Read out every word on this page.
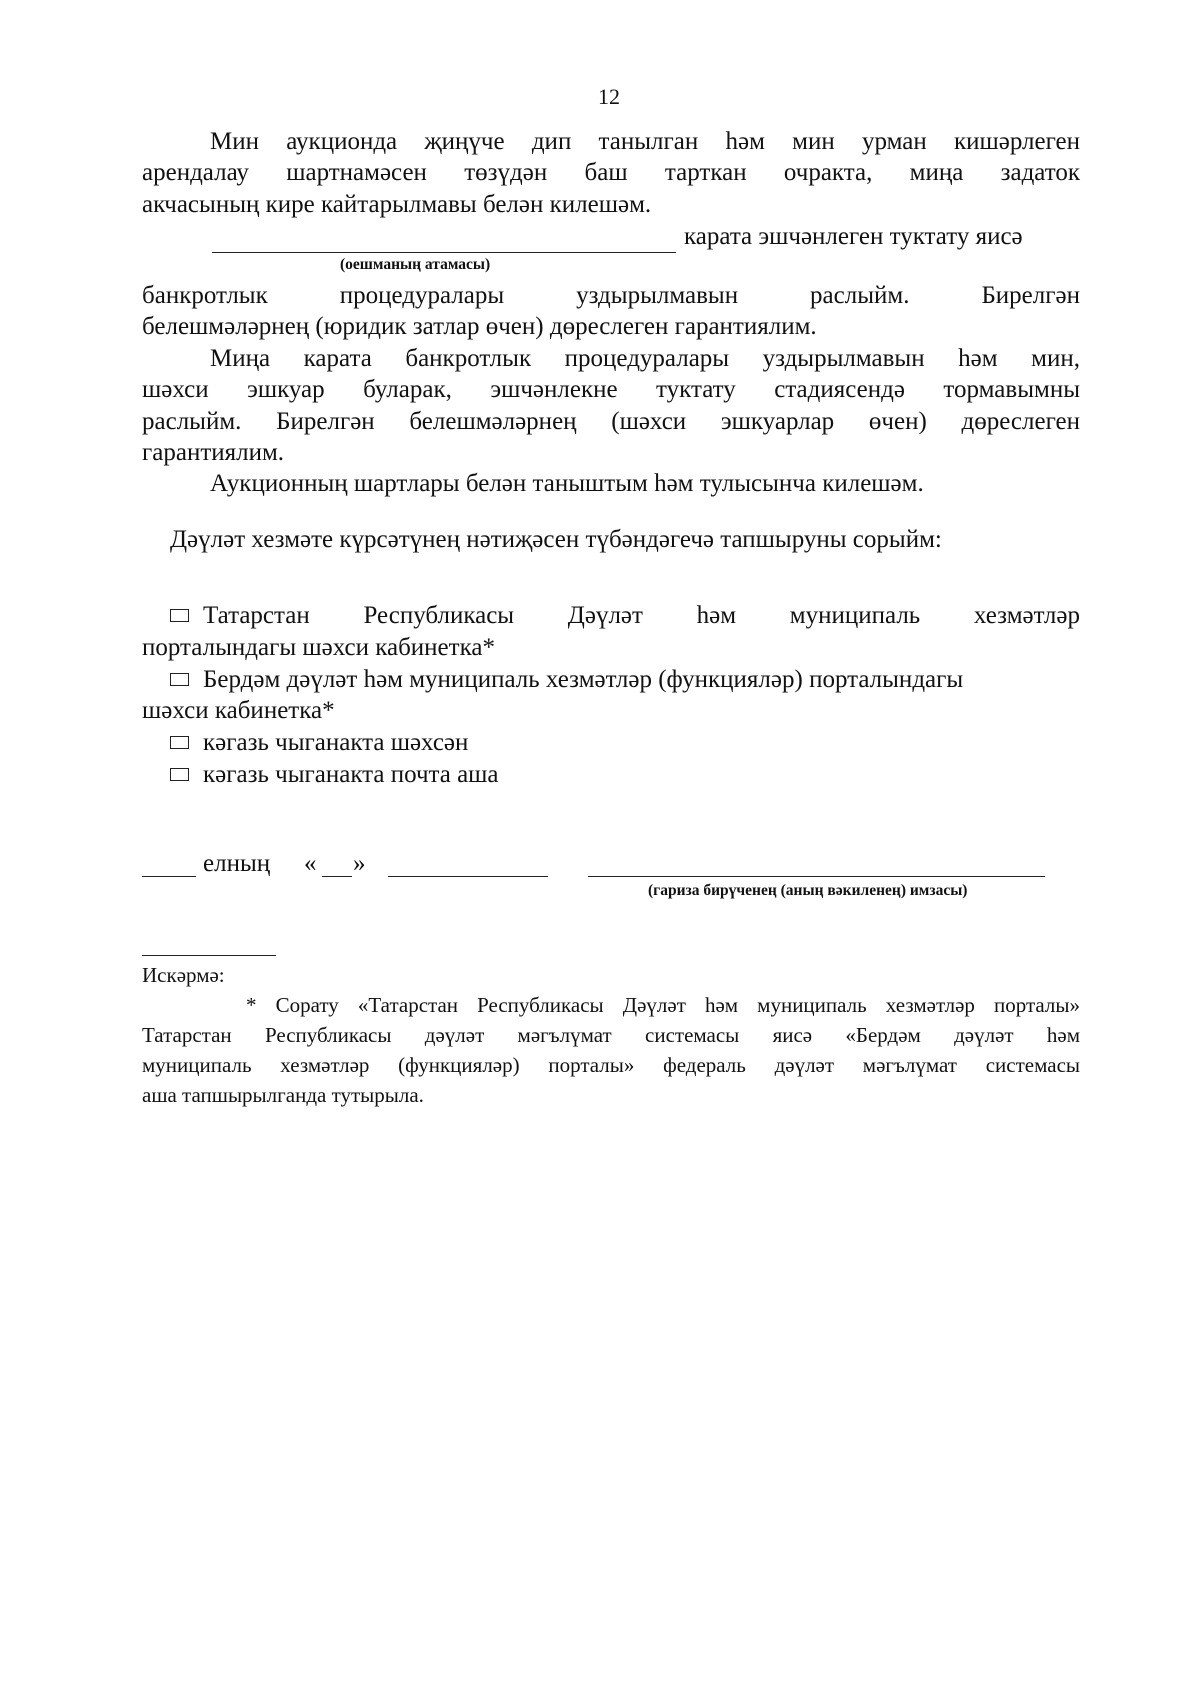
12
Мин аукционда җиңүче дип танылган һәм мин урман кишәрлеген
арендалау шартнамәсен төзүдән баш тарткан очракта, миңа задаток
акчасының кире кайтарылмавы белән килешәм.
карата эшчәнлеген туктату яисә
(оешманың атамасы)
банкротлык процедуралары уздырылмавын раслыйм. Бирелгән
белешмәләрнең (юридик затлар өчен) дөреслеген гарантиялим.
Миңа карата банкротлык процедуралары уздырылмавын һәм мин,
шәхси эшкуар буларак, эшчәнлекне туктату стадиясендә тормавымны
раслыйм. Бирелгән белешмәләрнең (шәхси эшкуарлар өчен) дөреслеген
гарантиялим.
Аукционның шартлары белән таныштым һәм тулысынча килешәм.
Дәүләт хезмәте күрсәтүнең нәтиҗәсен түбәндәгечә тапшыруны сорыйм:
Татарстан Республикасы Дәүләт һәм муниципаль хезмәтләр
порталындагы шәхси кабинетка*
Бердәм дәүләт һәм муниципаль хезмәтләр (функцияләр) порталындагы
шәхси кабинетка*
кәгазь чыганакта шәхсән
кәгазь чыганакта почта аша
елның « »
(гариза бирүченең (аның вәкиленең) имзасы)
Искәрмә:
* Сорату «Татарстан Республикасы Дәүләт һәм муниципаль хезмәтләр порталы»
Татарстан Республикасы дәүләт мәгълүмат системасы яисә «Бердәм дәүләт һәм
муниципаль хезмәтләр (функцияләр) порталы» федераль дәүләт мәгълүмат системасы
аша тапшырылганда тутырыла.
